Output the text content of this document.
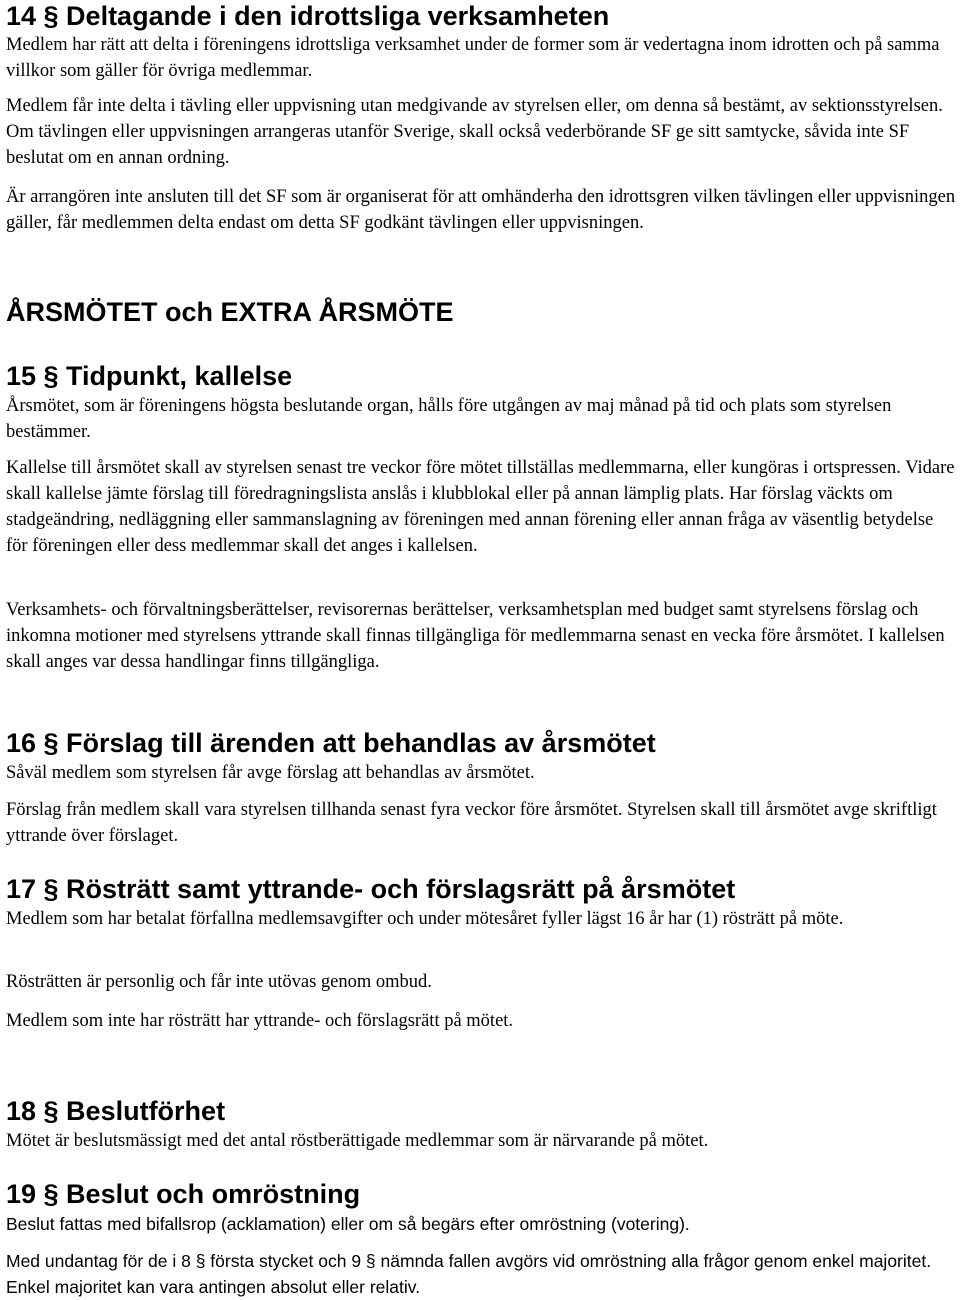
14 § Deltagande i den idrottsliga verksamheten

Medlem har rätt att delta i föreningens idrottsliga verksamhet under de former som är vedertagna inom idrotten och på samma villkor som gäller för övriga medlemmar.

Medlem får inte delta i tävling eller uppvisning utan medgivande av styrelsen eller, om denna så bestämt, av sektionsstyrelsen. Om tävlingen eller uppvisningen arrangeras utanför Sverige, skall också vederbörande SF ge sitt samtycke, såvida inte SF beslutat om en annan ordning.

Är arrangören inte ansluten till det SF som är organiserat för att omhänderha den idrottsgren vilken tävlingen eller uppvisningen gäller, får medlemmen delta endast om detta SF godkänt tävlingen eller uppvisningen.

ÅRSMÖTET och EXTRA ÅRSMÖTE
15 § Tidpunkt, kallelse

Årsmötet, som är föreningens högsta beslutande organ, hålls före utgången av maj månad på tid och plats som styrelsen bestämmer.

Kallelse till årsmötet skall av styrelsen senast tre veckor före mötet tillställas medlemmarna, eller kungöras i ortspressen. Vidare skall kallelse jämte förslag till föredragningslista anslås i klubblokal eller på annan lämplig plats. Har förslag väckts om stadgeändring, nedläggning eller sammanslagning av föreningen med annan förening eller annan fråga av väsentlig betydelse för föreningen eller dess medlemmar skall det anges i kallelsen.

Verksamhets- och förvaltningsberättelser, revisorernas berättelser, verksamhetsplan med budget samt styrelsens förslag och inkomna motioner med styrelsens yttrande skall finnas tillgängliga för medlemmarna senast en vecka före årsmötet. I kallelsen skall anges var dessa handlingar finns tillgängliga.

16 § Förslag till ärenden att behandlas av årsmötet

Såväl medlem som styrelsen får avge förslag att behandlas av årsmötet.

Förslag från medlem skall vara styrelsen tillhanda senast fyra veckor före årsmötet. Styrelsen skall till årsmötet avge skriftligt yttrande över förslaget.

17 § Rösträtt samt yttrande- och förslagsrätt på årsmötet

Medlem som har betalat förfallna medlemsavgifter och under mötesåret fyller lägst 16 år har (1) rösträtt på möte.

Rösträtten är personlig och får inte utövas genom ombud.

Medlem som inte har rösträtt har yttrande- och förslagsrätt på mötet.

18 § Beslutförhet

Mötet är beslutsmässigt med det antal röstberättigade medlemmar som är närvarande på mötet.

19 § Beslut och omröstning

Beslut fattas med bifallsrop (acklamation) eller om så begärs efter omröstning (votering).

Med undantag för de i 8 § första stycket och 9 § nämnda fallen avgörs vid omröstning alla frågor genom enkel majoritet. Enkel majoritet kan vara antingen absolut eller relativ.
